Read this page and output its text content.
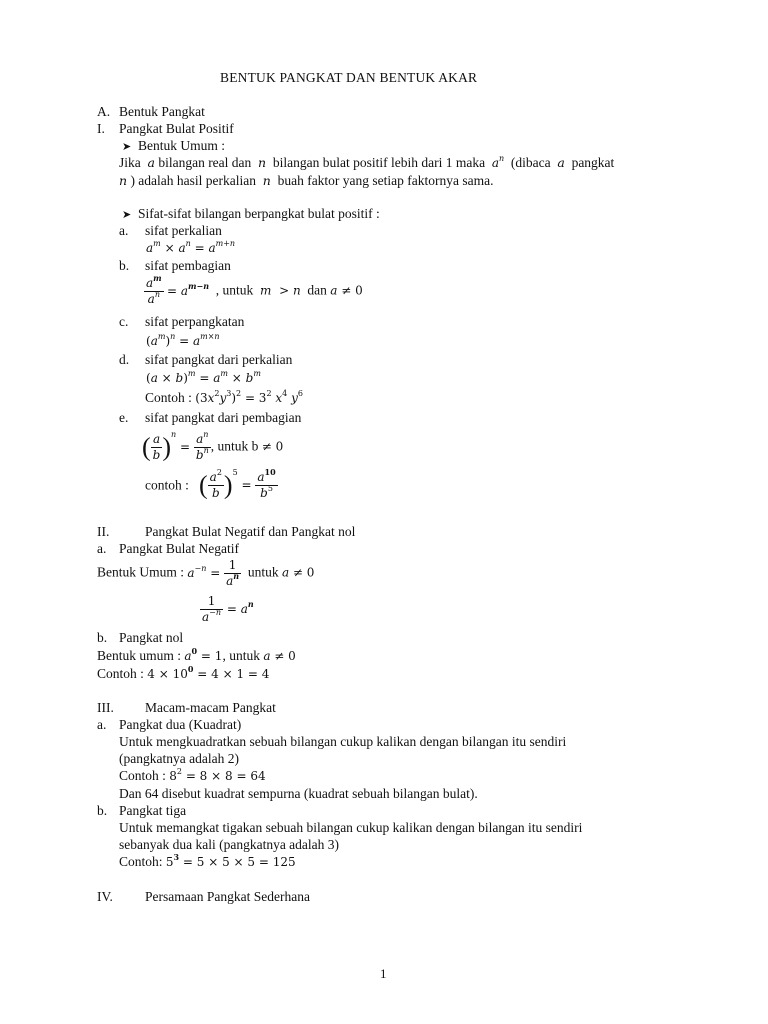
BENTUK PANGKAT DAN BENTUK AKAR
A. Bentuk Pangkat
I. Pangkat Bulat Positif
➤ Bentuk Umum :
Jika a bilangan real dan n bilangan bulat positif lebih dari 1 maka $a^n$ (dibaca a pangkat
n ) adalah hasil perkalian n buah faktor yang setiap faktornya sama.
➤ Sifat-sifat bilangan berpangkat bulat positif :
a. sifat perkalian
$a^m \times a^n = a^{m+n}$
b. sifat pembagian
$\frac{a^m}{a^n} = a^{m-n}$ , untuk m  > n dan a ≠ 0
c. sifat perpangkatan
$(a^m)^n = a^{m\times n}$
d. sifat pangkat dari perkalian
$(a \times b)^m = a^m \times b^m$
Contoh : $(3x^2y^3)^2 = 3^2$ $x^4$ $y^6$
e. sifat pangkat dari pembagian
( $\frac{a}{b} )^n = \frac{a^n}{b^n}$ , untuk b ≠ 0
contoh : ( $\frac{a^2}{b} )^5 = \frac{a^{10}}{b^5}$
II.	Pangkat Bulat Negatif dan Pangkat nol
a. Pangkat Bulat Negatif
Bentuk Umum : $a^{-n} = \frac{1}{a^n}$ untuk a ≠ 0
$\frac{1}{a^{-n}} = a^n$
b. Pangkat nol
Bentuk umum : $a^0 = 1$, untuk a ≠ 0
Contoh : $4 \times 10^0 = 4 \times 1 = 4$
III. Macam-macam Pangkat
a. Pangkat dua (Kuadrat)
Untuk mengkuadratkan sebuah bilangan cukup kalikan dengan bilangan itu sendiri
(pangkatnya adalah 2)
Contoh : $8^2 = 8 \times 8 = 64$
Dan 64 disebut kuadrat sempurna (kuadrat sebuah bilangan bulat).
b. Pangkat tiga
Untuk memangkat tigakan sebuah bilangan cukup kalikan dengan bilangan itu sendiri
sebanyak dua kali (pangkatnya adalah 3)
Contoh: $5^3 = 5 \times 5 \times 5 = 125$
IV. Persamaan Pangkat Sederhana
1
